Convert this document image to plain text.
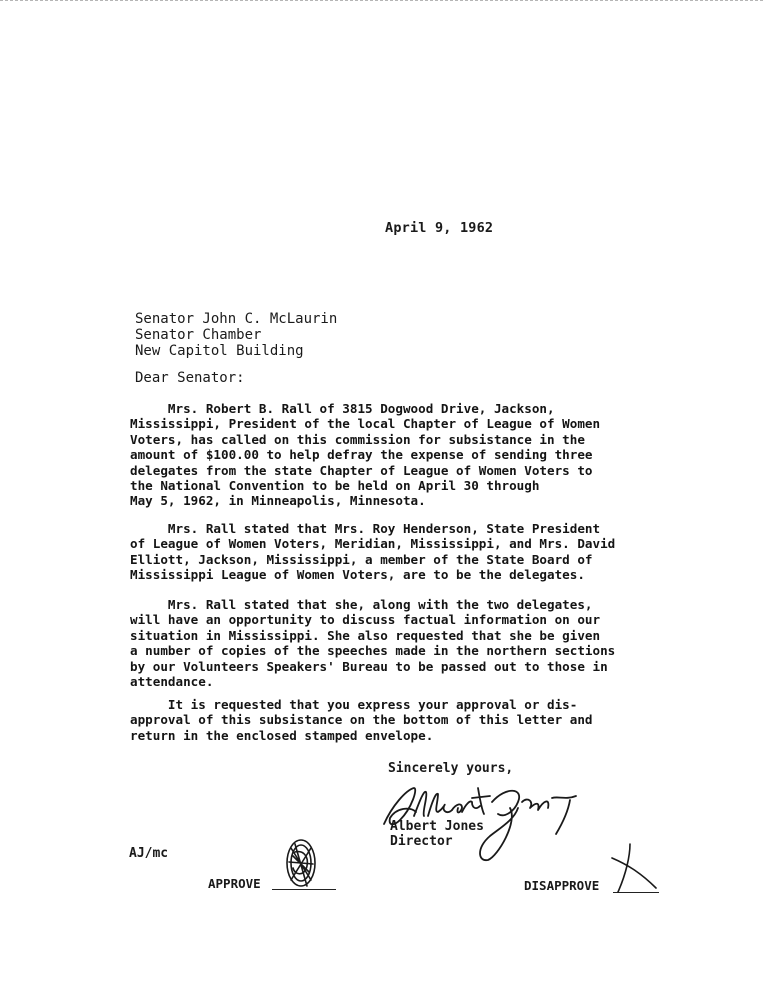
April 9, 1962
Senator John C. McLaurin
Senator Chamber
New Capitol Building
Dear Senator:
Mrs. Robert B. Rall of 3815 Dogwood Drive, Jackson,
Mississippi, President of the local Chapter of League of Women
Voters, has called on this commission for subsistance in the
amount of $100.00 to help defray the expense of sending three
delegates from the state Chapter of League of Women Voters to
the National Convention to be held on April 30 through
May 5, 1962, in Minneapolis, Minnesota.
Mrs. Rall stated that Mrs. Roy Henderson, State President
of League of Women Voters, Meridian, Mississippi, and Mrs. David
Elliott, Jackson, Mississippi, a member of the State Board of
Mississippi League of Women Voters, are to be the delegates.
Mrs. Rall stated that she, along with the two delegates,
will have an opportunity to discuss factual information on our
situation in Mississippi. She also requested that she be given
a number of copies of the speeches made in the northern sections
by our Volunteers Speakers' Bureau to be passed out to those in
attendance.
It is requested that you express your approval or dis-
approval of this subsistance on the bottom of this letter and
return in the enclosed stamped envelope.
Sincerely yours,
Albert Jones
Director
AJ/mc
APPROVE	DISAPPROVE
